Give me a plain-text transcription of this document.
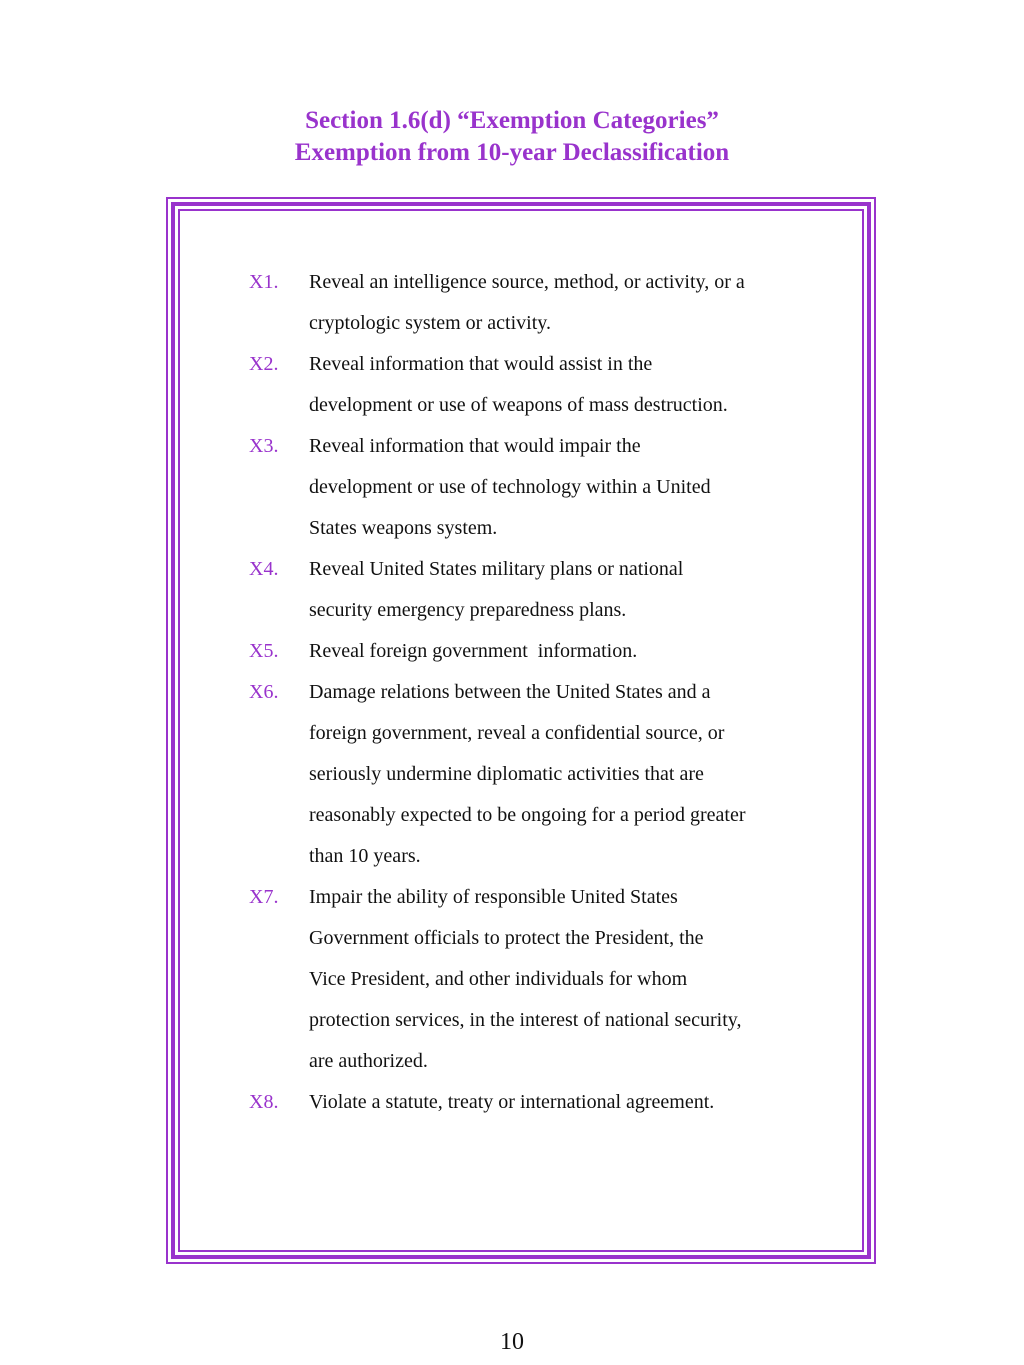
Section 1.6(d) “Exemption Categories”
Exemption from 10-year Declassification
X1. Reveal an intelligence source, method, or activity, or a
cryptologic system or activity.
X2. Reveal information that would assist in the
development or use of weapons of mass destruction.
X3. Reveal information that would impair the
development or use of technology within a United
States weapons system.
X4. Reveal United States military plans or national
security emergency preparedness plans.
X5. Reveal foreign government  information.
X6. Damage relations between the United States and a
foreign government, reveal a confidential source, or
seriously undermine diplomatic activities that are
reasonably expected to be ongoing for a period greater
than 10 years.
X7. Impair the ability of responsible United States
Government officials to protect the President, the
Vice President, and other individuals for whom
protection services, in the interest of national security,
are authorized.
X8. Violate a statute, treaty or international agreement.
10
